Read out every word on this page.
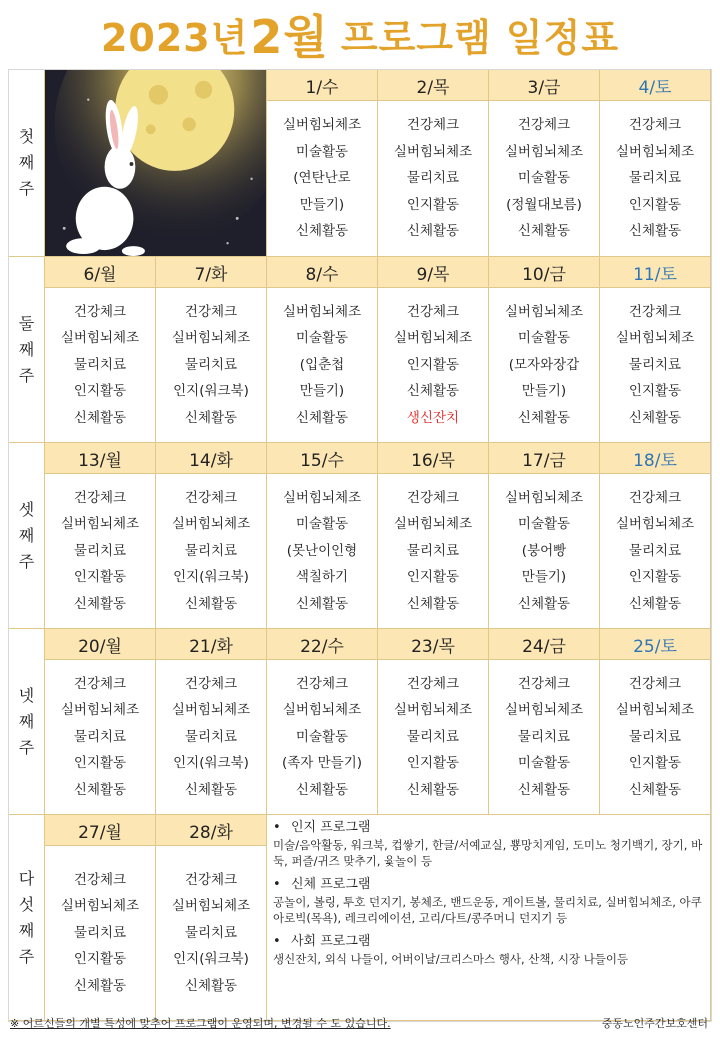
2023년 2월 프로그램 일정표
첫
째
주
1/수
실버힘뇌체조
미술활동
(연탄난로
만들기)
신체활동
2/목
건강체크
실버힘뇌체조
물리치료
인지활동
신체활동
3/금
건강체크
실버힘뇌체조
미술활동
(정월대보름)
신체활동
4/토
건강체크
실버힘뇌체조
물리치료
인지활동
신체활동
둘
째
주
6/월
건강체크
실버힘뇌체조
물리치료
인지활동
신체활동
7/화
건강체크
실버힘뇌체조
물리치료
인지(워크북)
신체활동
8/수
실버힘뇌체조
미술활동
(입춘첩
만들기)
신체활동
9/목
건강체크
실버힘뇌체조
인지활동
신체활동
생신잔치
10/금
실버힘뇌체조
미술활동
(모자와장갑
만들기)
신체활동
11/토
건강체크
실버힘뇌체조
물리치료
인지활동
신체활동
셋
째
주
13/월
건강체크
실버힘뇌체조
물리치료
인지활동
신체활동
14/화
건강체크
실버힘뇌체조
물리치료
인지(워크북)
신체활동
15/수
실버힘뇌체조
미술활동
(못난이인형
색칠하기
신체활동
16/목
건강체크
실버힘뇌체조
물리치료
인지활동
신체활동
17/금
실버힘뇌체조
미술활동
(붕어빵
만들기)
신체활동
18/토
건강체크
실버힘뇌체조
물리치료
인지활동
신체활동
넷
째
주
20/월
건강체크
실버힘뇌체조
물리치료
인지활동
신체활동
21/화
건강체크
실버힘뇌체조
물리치료
인지(워크북)
신체활동
22/수
건강체크
실버힘뇌체조
미술활동
(족자 만들기)
신체활동
23/목
건강체크
실버힘뇌체조
물리치료
인지활동
신체활동
24/금
건강체크
실버힘뇌체조
물리치료
미술활동
신체활동
25/토
건강체크
실버힘뇌체조
물리치료
인지활동
신체활동
다
섯
째
주
27/월
건강체크
실버힘뇌체조
물리치료
인지활동
신체활동
28/화
건강체크
실버힘뇌체조
물리치료
인지(워크북)
신체활동
• 인지 프로그램
미술/음악활동, 워크북, 컵쌓기, 한글/서예교실, 뿅망치게임, 도미노 청기백기, 장기, 바둑, 퍼즐/귀즈 맞추기, 윷놀이 등
• 신체 프로그램
공놀이, 볼링, 투호 던지기, 봉체조, 밴드운동, 게이트볼, 물리치료, 실버힘뇌체조, 아쿠아로빅(목욕), 레크리에이션, 고리/다트/콩주머니 던지기 등
• 사회 프로그램
생신잔치, 외식 나들이, 어버이날/크리스마스 행사, 산책, 시장 나들이등
※ 어르신들의 개별 특성에 맞추어 프로그램이 운영되며, 변경될 수 도 있습니다.	중동노인주간보호센터
